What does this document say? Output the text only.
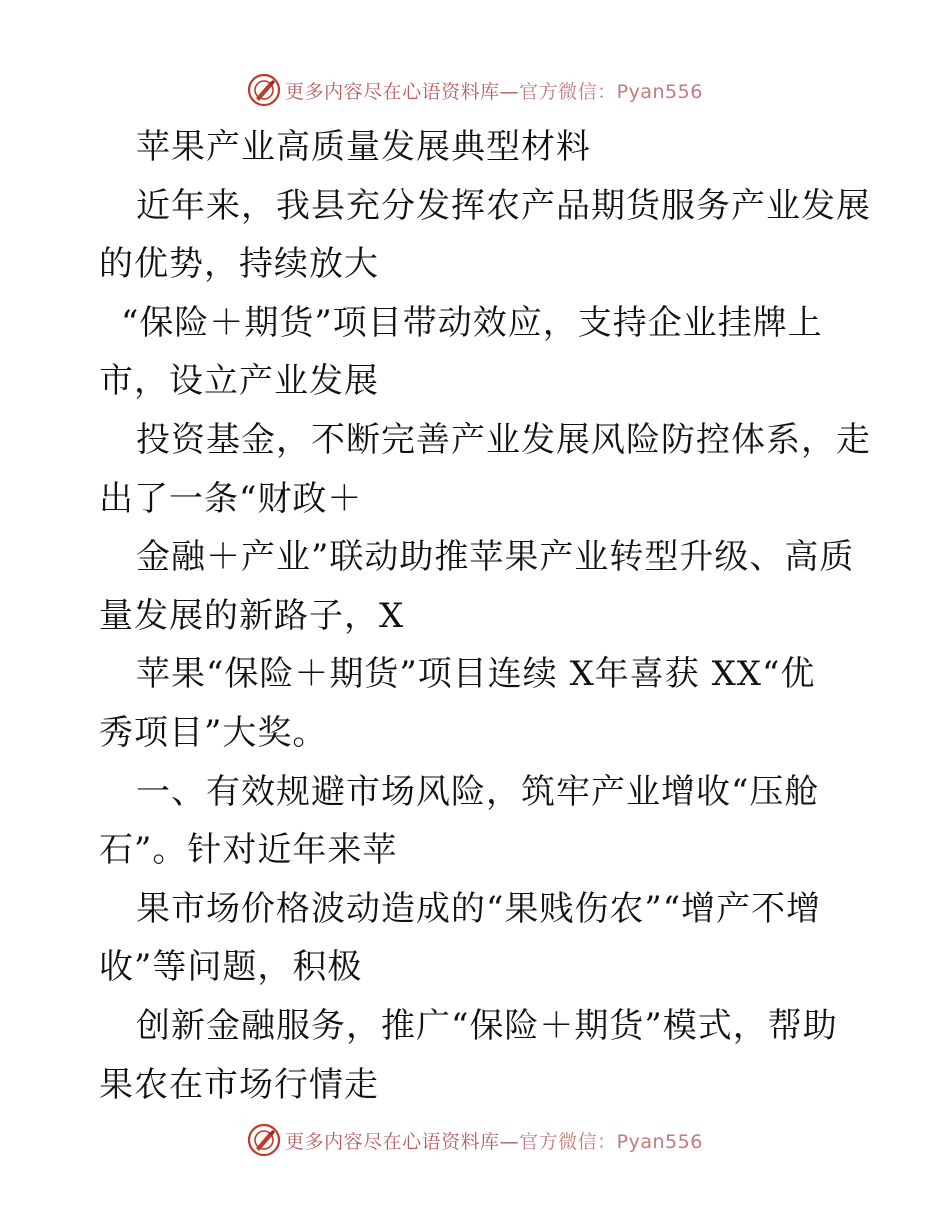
更多内容尽在心语资料库—官方微信：Pyan556
苹果产业高质量发展典型材料
近年来，我县充分发挥农产品期货服务产业发展
的优势，持续放大
“保险＋期货”项目带动效应，支持企业挂牌上
市，设立产业发展
投资基金，不断完善产业发展风险防控体系，走
出了一条“财政＋
金融＋产业”联动助推苹果产业转型升级、高质
量发展的新路子，X
苹果“保险＋期货”项目连续 X年喜获 XX“优
秀项目”大奖。
一、有效规避市场风险，筑牢产业增收“压舱
石”。针对近年来苹
果市场价格波动造成的“果贱伤农”“增产不增
收”等问题，积极
创新金融服务，推广“保险＋期货”模式，帮助
果农在市场行情走
更多内容尽在心语资料库—官方微信：Pyan556
